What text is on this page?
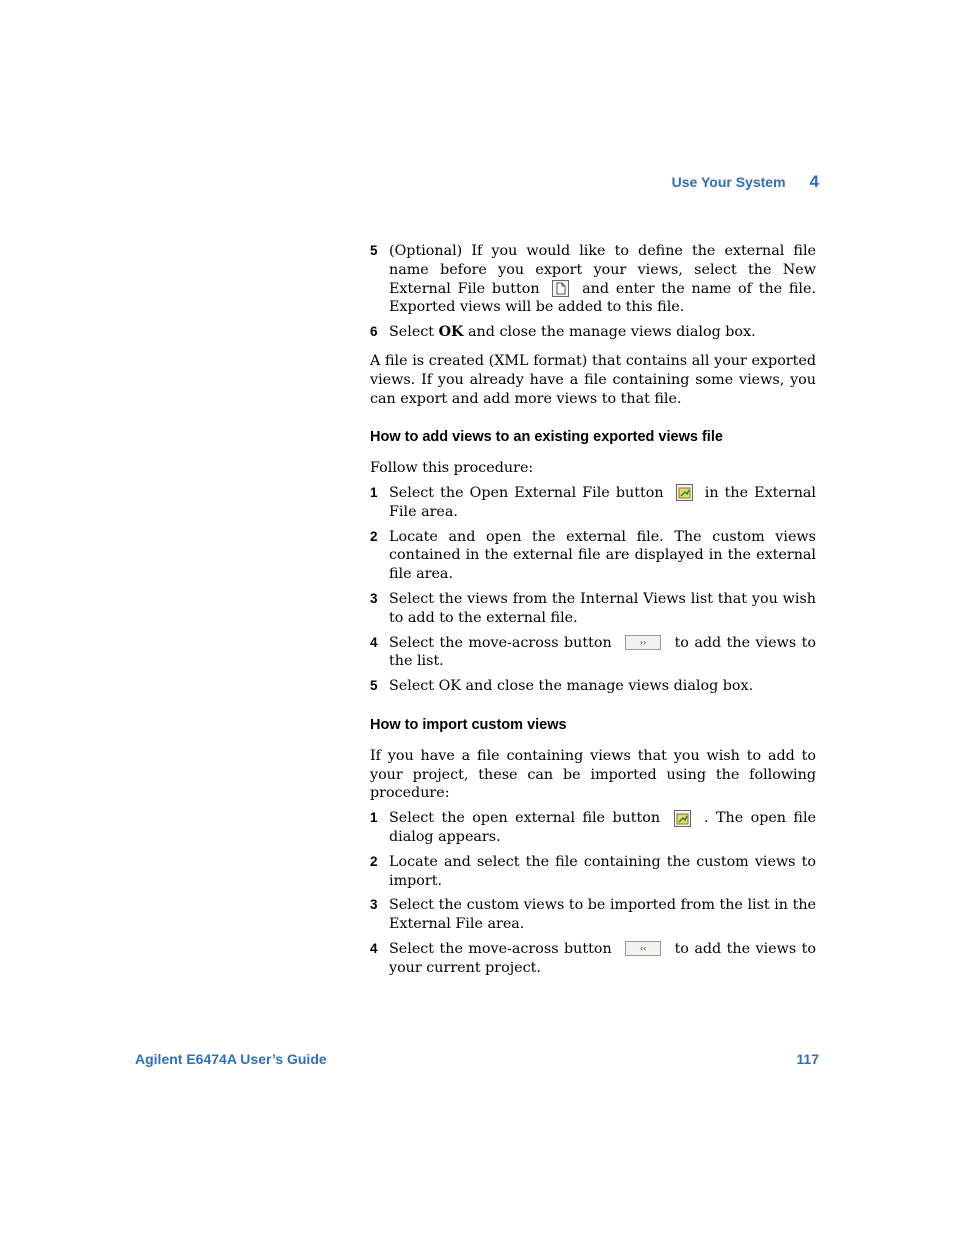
Use Your System 4
5 (Optional) If you would like to define the external file name before you export your views, select the New External File button	and enter the name of the file. Exported views will be added to this file.
6 Select OK and close the manage views dialog box.

A file is created (XML format) that contains all your exported views. If you already have a file containing some views, you can export and add more views to that file.

How to add views to an existing exported views file

Follow this procedure:

1 Select the Open External File button	in the External File area.
2 Locate and open the external file. The custom views contained in the external file are displayed in the external file area.
3 Select the views from the Internal Views list that you wish to add to the external file.
4 Select the move-across button	›› to add the views to the list.
5 Select OK and close the manage views dialog box.
How to import custom views

If you have a file containing views that you wish to add to your project, these can be imported using the following procedure:

1 Select the open external file button	. The open file dialog appears.
2 Locate and select the file containing the custom views to import.
3 Select the custom views to be imported from the list in the External File area.
4 Select the move-across button	‹‹ to add the views to your current project.
Agilent E6474A User’s Guide	117
